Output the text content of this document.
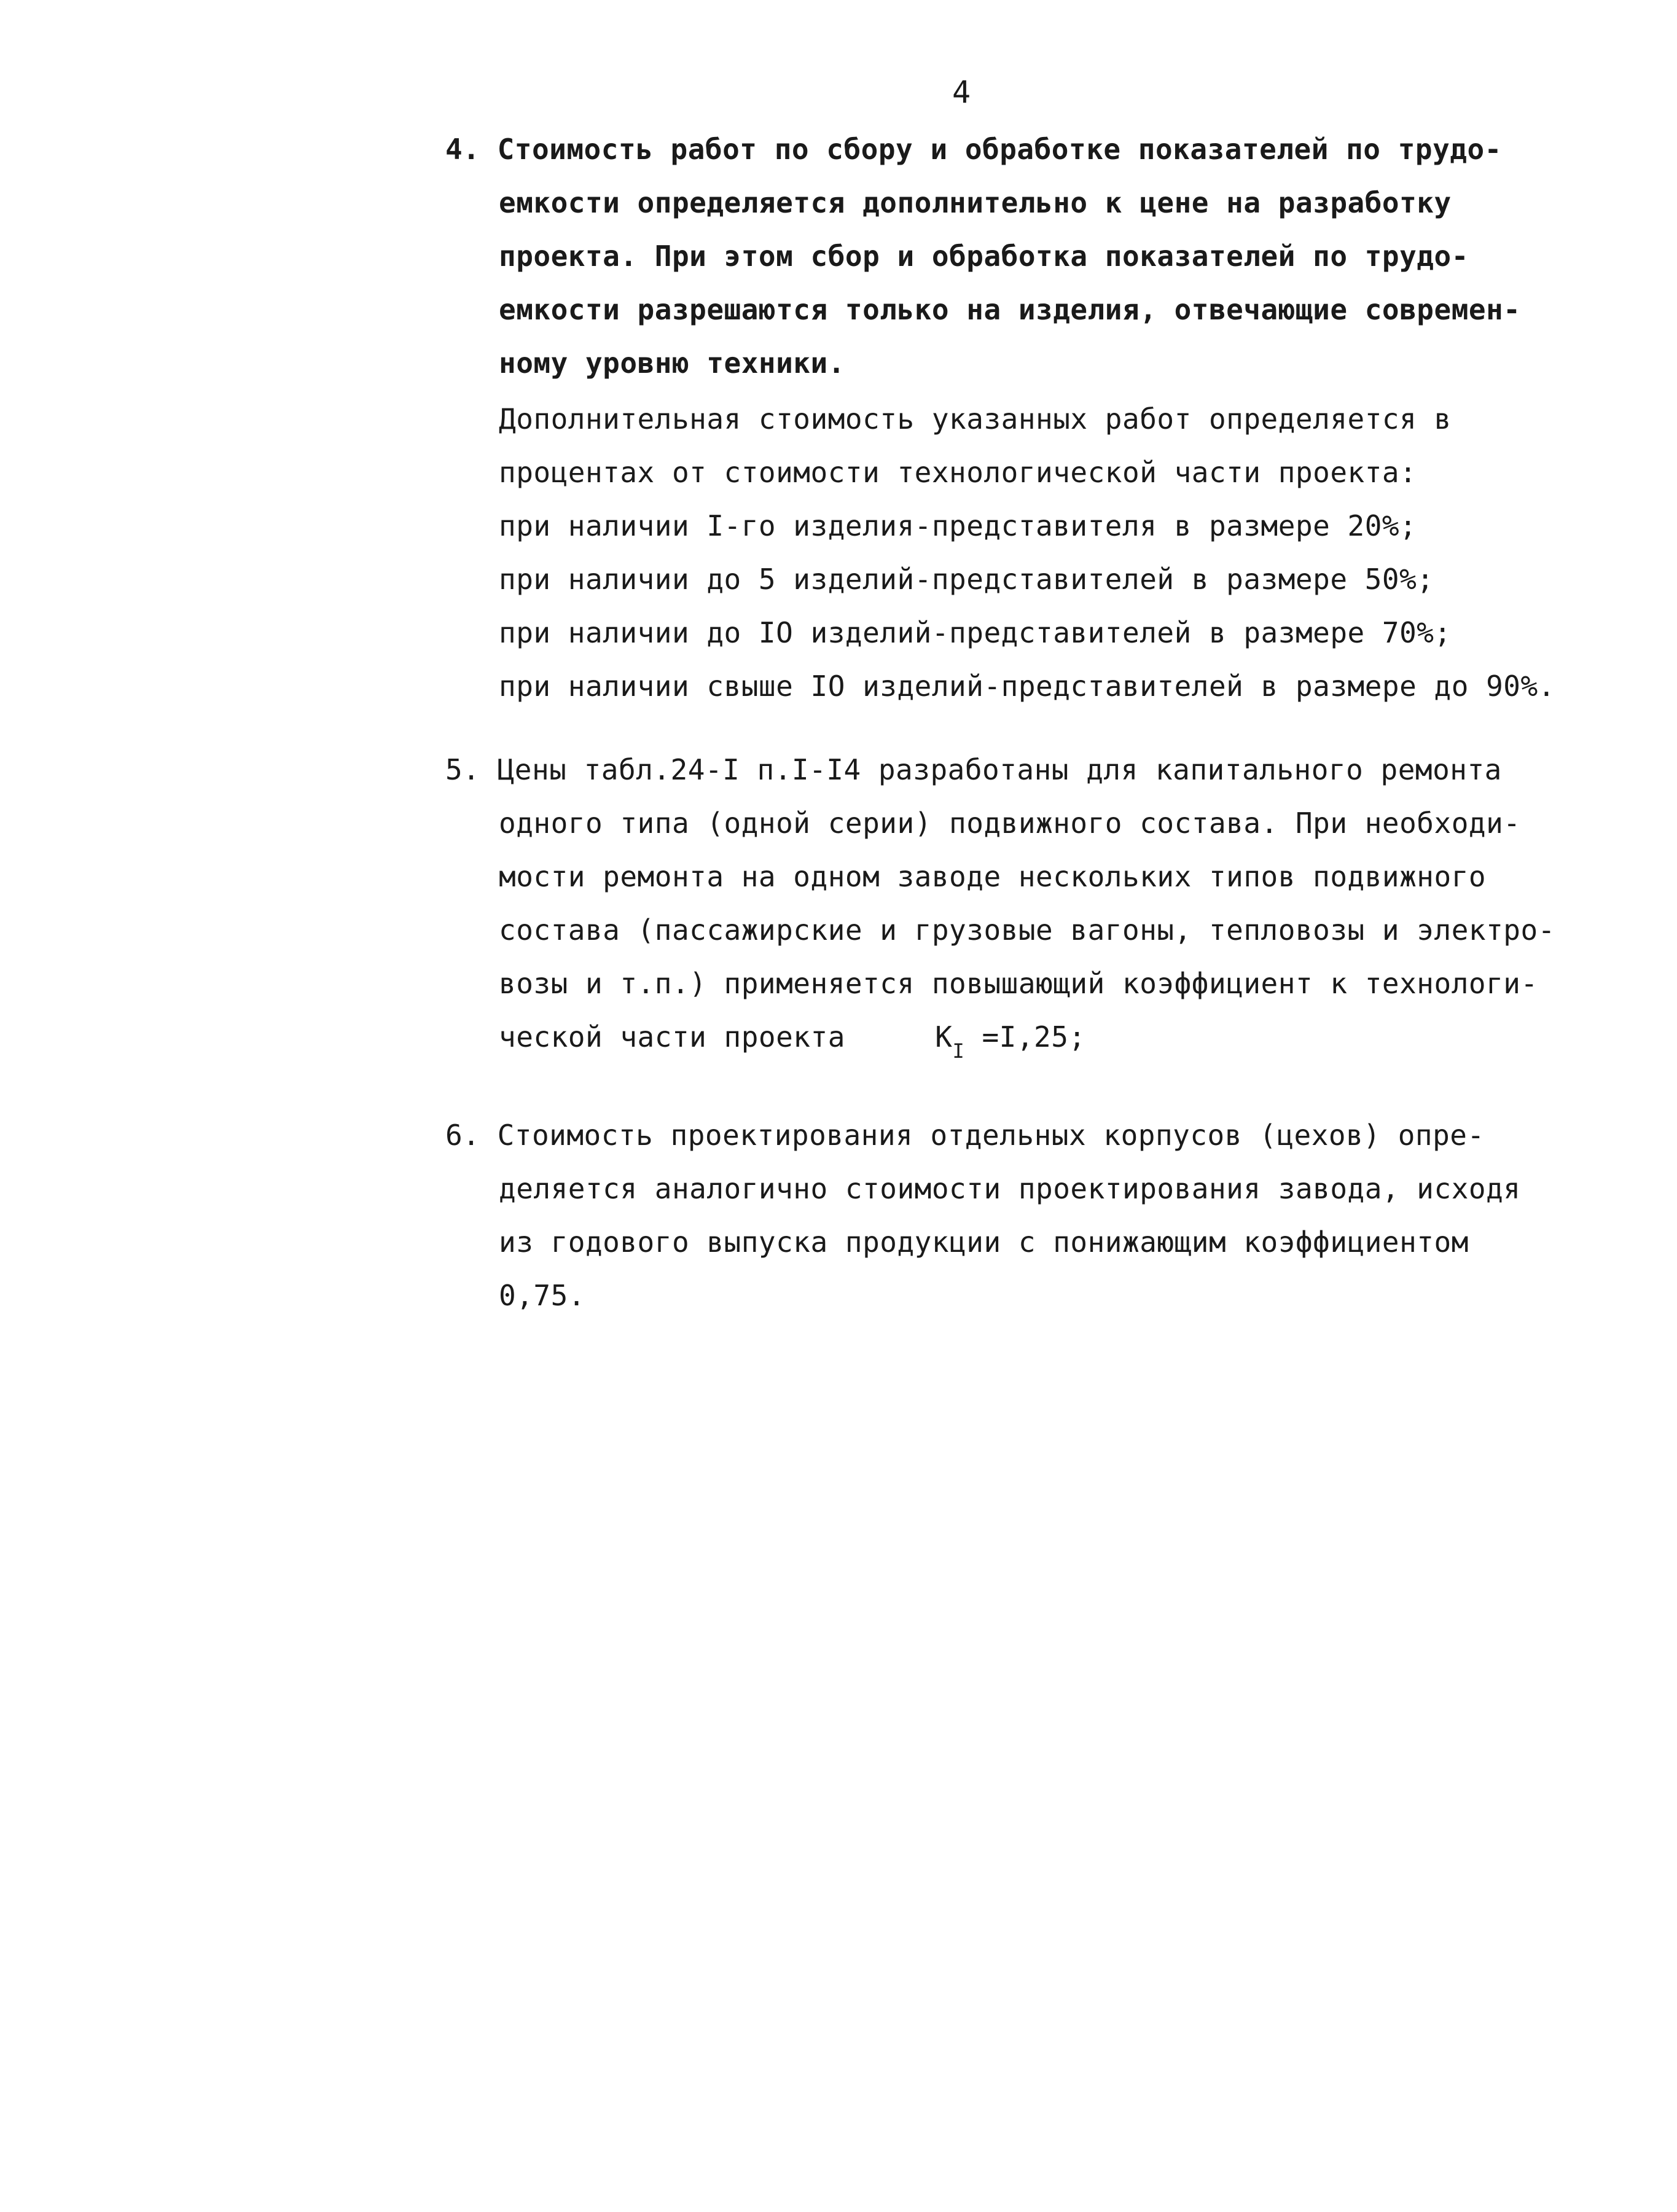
4
4. Стоимость работ по сбору и обработке показателей по трудо-
емкости определяется дополнительно к цене на разработку
проекта. При этом сбор и обработка показателей по трудо-
емкости разрешаются только на изделия, отвечающие современ-
ному уровню техники.
Дополнительная стоимость указанных работ определяется в
процентах от стоимости технологической части проекта:
при наличии I-го изделия-представителя в размере 20%;
при наличии до 5 изделий-представителей в размере 50%;
при наличии до IO изделий-представителей в размере 70%;
при наличии свыше IO изделий-представителей в размере до 90%.
5. Цены табл.24-I п.I-I4 разработаны для капитального ремонта
одного типа (одной серии) подвижного состава. При необходи-
мости ремонта на одном заводе нескольких типов подвижного
состава (пассажирские и грузовые вагоны, тепловозы и электро-
возы и т.п.) применяется повышающий коэффициент к технологи-
ческой части проекта	$К_I =I,25$;
6. Стоимость проектирования отдельных корпусов (цехов) опре-
деляется аналогично стоимости проектирования завода, исходя
из годового выпуска продукции с понижающим коэффициентом
0,75.
